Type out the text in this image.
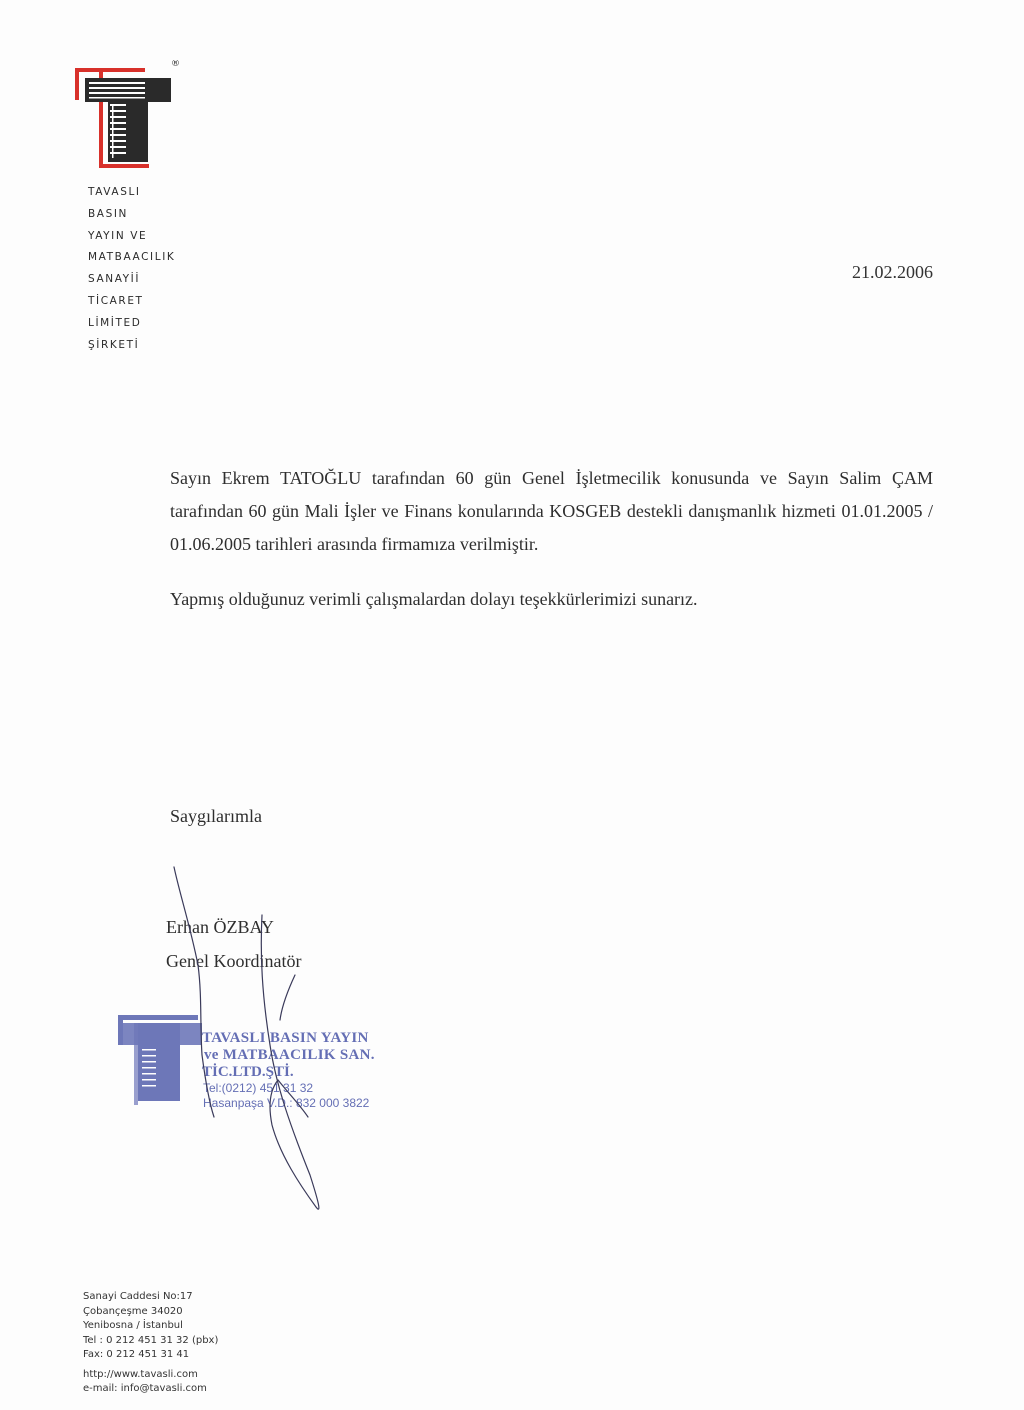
®
TAVASLI
BASIN
YAYIN VE
MATBAACILIK
SANAYİİ
TİCARET
LİMİTED
ŞİRKETİ
21.02.2006

Sayın Ekrem TATOĞLU tarafından 60 gün Genel İşletmecilik konusunda ve Sayın Salim ÇAM tarafından 60 gün Mali İşler ve Finans konularında KOSGEB destekli danışmanlık hizmeti 01.01.2005 / 01.06.2005 tarihleri arasında firmamıza verilmiştir.

Yapmış olduğunuz verimli çalışmalardan dolayı teşekkürlerimizi sunarız.

Saygılarımla
Erhan ÖZBAY
Genel Koordinatör
TAVASLI BASIN YAYIN
ve MATBAACILIK SAN.
TİC.LTD.ŞTİ.
Tel:(0212) 451 31 32
Hasanpaşa V.D.: 832 000 3822
Sanayi Caddesi No:17
Çobançeşme 34020
Yenibosna / İstanbul
Tel : 0 212 451 31 32 (pbx)
Fax: 0 212 451 31 41
http://www.tavasli.com
e-mail: info@tavasli.com
